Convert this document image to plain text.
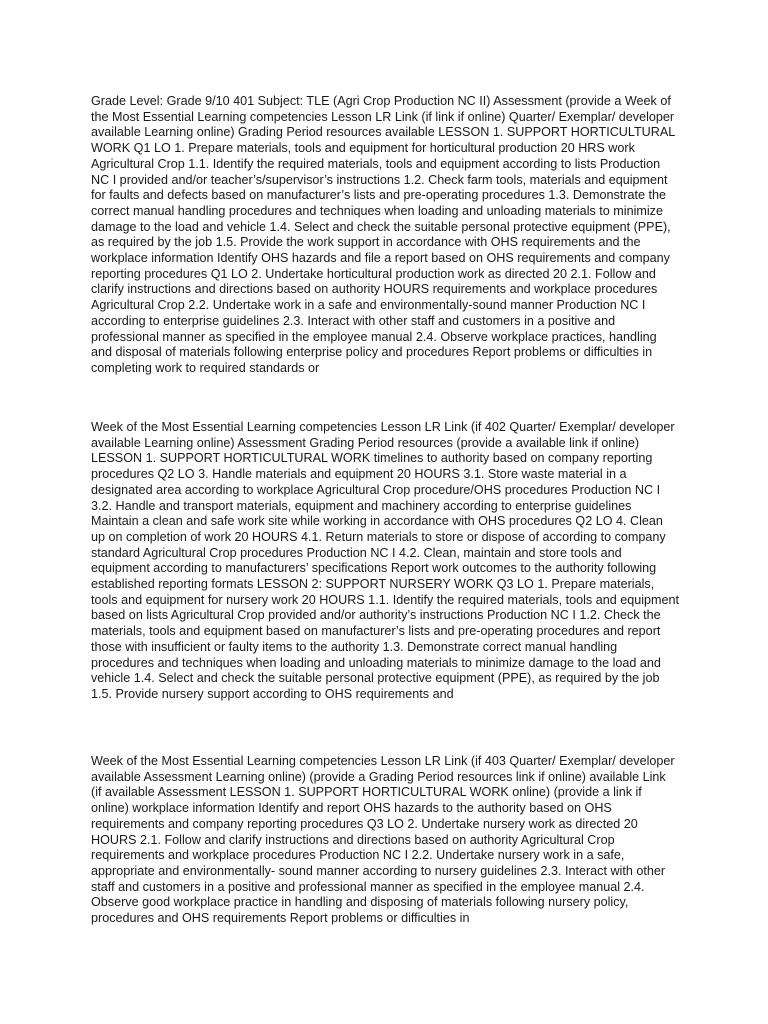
Grade Level: Grade 9/10 401 Subject: TLE (Agri Crop Production NC II) Assessment (provide a Week of the Most Essential Learning competencies Lesson LR Link (if link if online) Quarter/ Exemplar/ developer available Learning online) Grading Period resources available LESSON 1. SUPPORT HORTICULTURAL WORK Q1 LO 1. Prepare materials, tools and equipment for horticultural production 20 HRS work Agricultural Crop 1.1. Identify the required materials, tools and equipment according to lists Production NC I provided and/or teacher’s/supervisor’s instructions 1.2. Check farm tools, materials and equipment for faults and defects based on manufacturer’s lists and pre-operating procedures 1.3. Demonstrate the correct manual handling procedures and techniques when loading and unloading materials to minimize damage to the load and vehicle 1.4. Select and check the suitable personal protective equipment (PPE), as required by the job 1.5. Provide the work support in accordance with OHS requirements and the workplace information Identify OHS hazards and file a report based on OHS requirements and company reporting procedures Q1 LO 2. Undertake horticultural production work as directed 20 2.1. Follow and clarify instructions and directions based on authority HOURS requirements and workplace procedures Agricultural Crop 2.2. Undertake work in a safe and environmentally-sound manner Production NC I according to enterprise guidelines 2.3. Interact with other staff and customers in a positive and professional manner as specified in the employee manual 2.4. Observe workplace practices, handling and disposal of materials following enterprise policy and procedures Report problems or difficulties in completing work to required standards or

Week of the Most Essential Learning competencies Lesson LR Link (if 402 Quarter/ Exemplar/ developer available Learning online) Assessment Grading Period resources (provide a available link if online) LESSON 1. SUPPORT HORTICULTURAL WORK timelines to authority based on company reporting procedures Q2 LO 3. Handle materials and equipment 20 HOURS 3.1. Store waste material in a designated area according to workplace Agricultural Crop procedure/OHS procedures Production NC I 3.2. Handle and transport materials, equipment and machinery according to enterprise guidelines Maintain a clean and safe work site while working in accordance with OHS procedures Q2 LO 4. Clean up on completion of work 20 HOURS 4.1. Return materials to store or dispose of according to company standard Agricultural Crop procedures Production NC I 4.2. Clean, maintain and store tools and equipment according to manufacturers’ specifications Report work outcomes to the authority following established reporting formats LESSON 2: SUPPORT NURSERY WORK Q3 LO 1. Prepare materials, tools and equipment for nursery work 20 HOURS 1.1. Identify the required materials, tools and equipment based on lists Agricultural Crop provided and/or authority’s instructions Production NC I 1.2. Check the materials, tools and equipment based on manufacturer’s lists and pre-operating procedures and report those with insufficient or faulty items to the authority 1.3. Demonstrate correct manual handling procedures and techniques when loading and unloading materials to minimize damage to the load and vehicle 1.4. Select and check the suitable personal protective equipment (PPE), as required by the job 1.5. Provide nursery support according to OHS requirements and

Week of the Most Essential Learning competencies Lesson LR Link (if 403 Quarter/ Exemplar/ developer available Assessment Learning online) (provide a Grading Period resources link if online) available Link (if available Assessment LESSON 1. SUPPORT HORTICULTURAL WORK online) (provide a link if online) workplace information Identify and report OHS hazards to the authority based on OHS requirements and company reporting procedures Q3 LO 2. Undertake nursery work as directed 20 HOURS 2.1. Follow and clarify instructions and directions based on authority Agricultural Crop requirements and workplace procedures Production NC I 2.2. Undertake nursery work in a safe, appropriate and environmentally- sound manner according to nursery guidelines 2.3. Interact with other staff and customers in a positive and professional manner as specified in the employee manual 2.4. Observe good workplace practice in handling and disposing of materials following nursery policy, procedures and OHS requirements Report problems or difficulties in
